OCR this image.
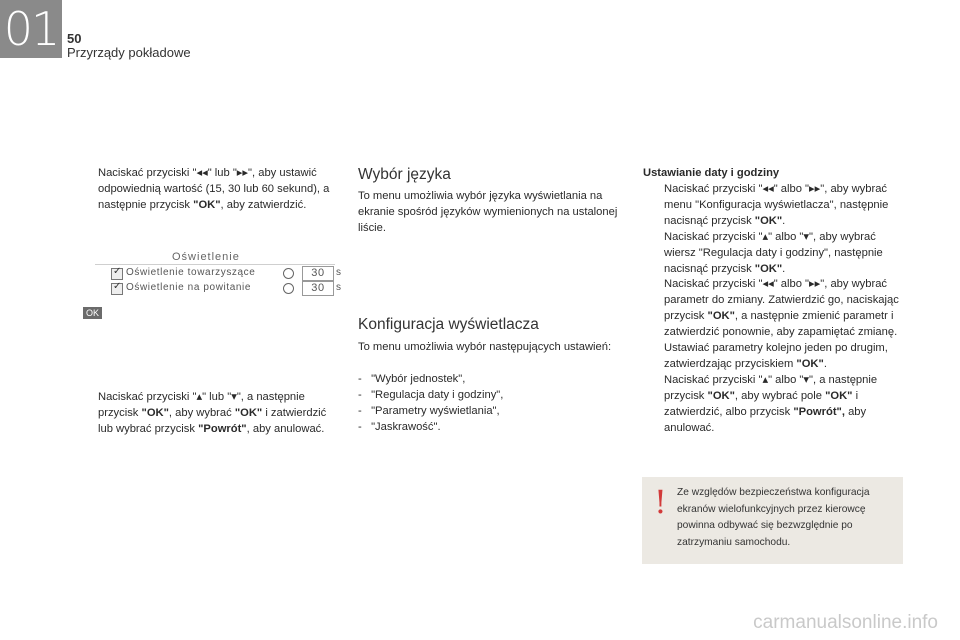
01 50
Przyrządy pokładowe
Naciskać przyciski "◂◂" lub "▸▸", aby ustawić odpowiednią wartość (15, 30 lub 60 sekund), a następnie przycisk "OK", aby zatwierdzić.
Oświetlenie
✓ Oświetlenie towarzyszące	30	s
✓ Oświetlenie na powitanie	30	s
OK
Naciskać przyciski "▴" lub "▾", a następnie przycisk "OK", aby wybrać "OK" i zatwierdzić lub wybrać przycisk "Powrót", aby anulować.
Wybór języka
To menu umożliwia wybór języka wyświetlania na ekranie spośród języków wymienionych na ustalonej liście.
Konfiguracja wyświetlacza
To menu umożliwia wybór następujących ustawień:
-   "Wybór jednostek",
-   "Regulacja daty i godziny",
-   "Parametry wyświetlania",
-   "Jaskrawość".
Ustawianie daty i godziny
Naciskać przyciski "◂◂" albo "▸▸", aby wybrać menu "Konfiguracja wyświetlacza", następnie nacisnąć przycisk "OK".
Naciskać przyciski "▴" albo "▾", aby wybrać wiersz "Regulacja daty i godziny", następnie nacisnąć przycisk "OK".
Naciskać przyciski "◂◂" albo "▸▸", aby wybrać parametr do zmiany. Zatwierdzić go, naciskając przycisk "OK", a następnie zmienić parametr i zatwierdzić ponownie, aby zapamiętać zmianę.
Ustawiać parametry kolejno jeden po drugim, zatwierdzając przyciskiem "OK".
Naciskać przyciski "▴" albo "▾", a następnie przycisk "OK", aby wybrać pole "OK" i zatwierdzić, albo przycisk "Powrót", aby anulować.
! Ze względów bezpieczeństwa konfiguracja ekranów wielofunkcyjnych przez kierowcę powinna odbywać się bezwzględnie po zatrzymaniu samochodu.
carmanualsonline.info
